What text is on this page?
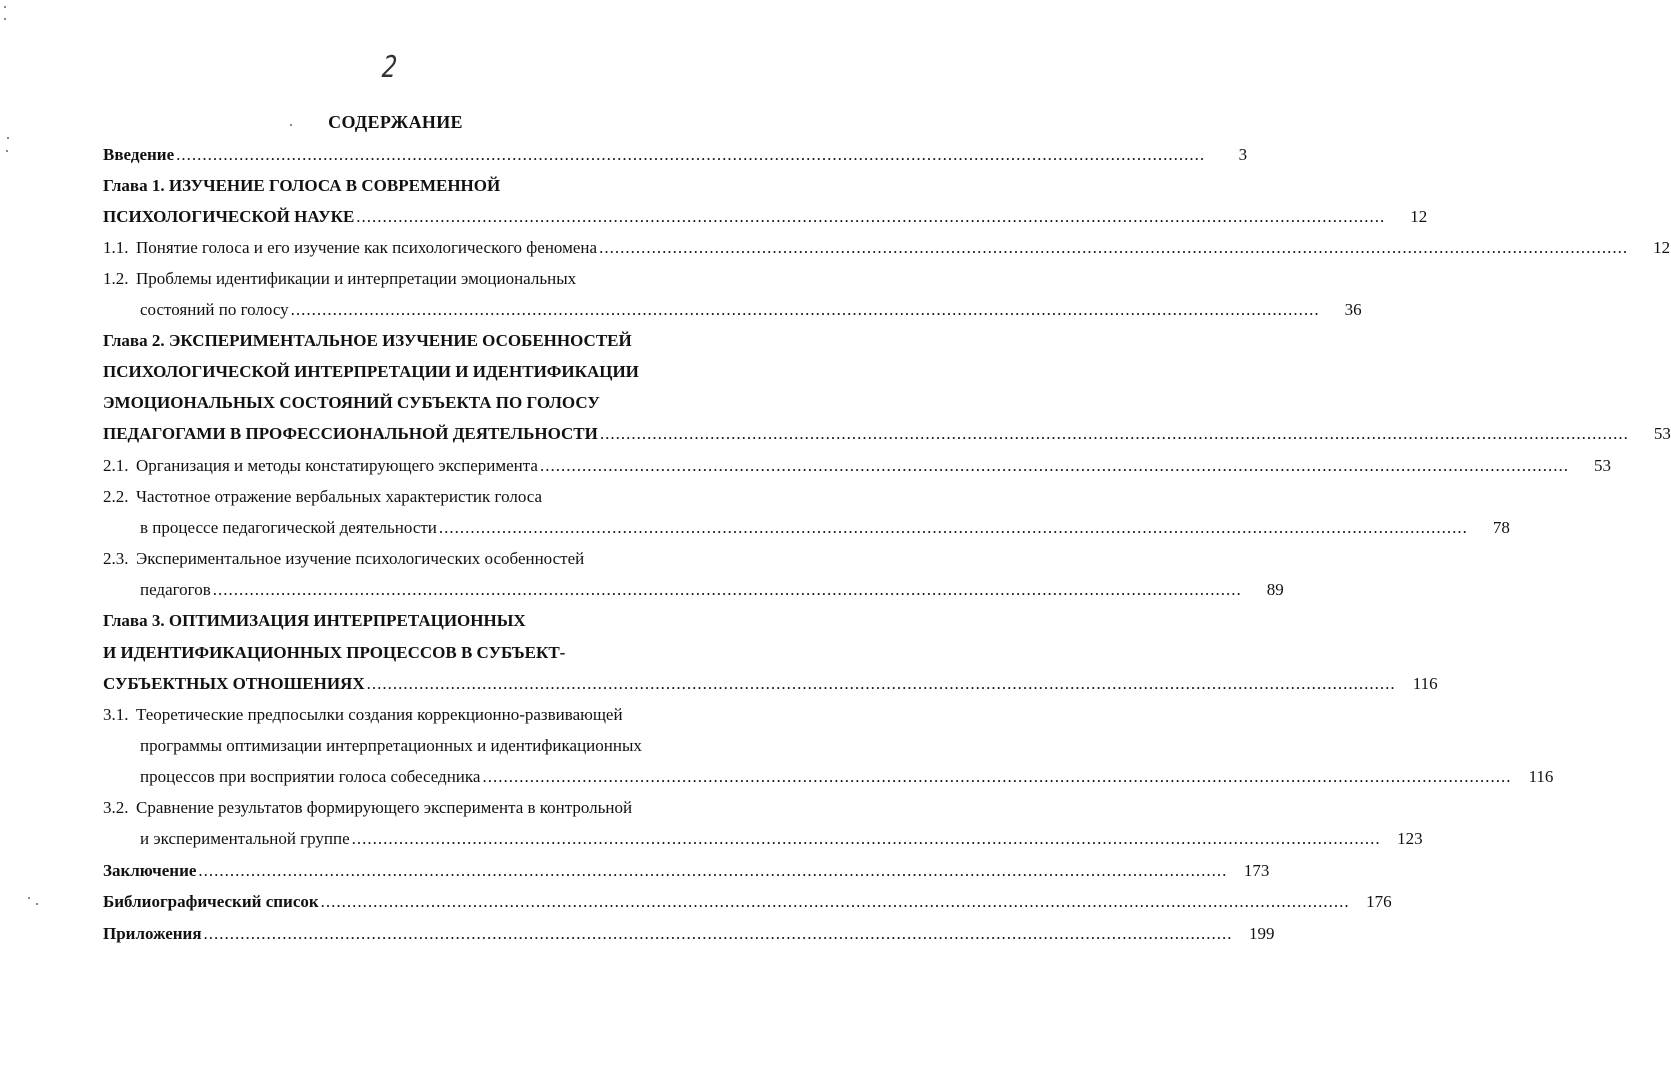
2
СОДЕРЖАНИЕ
Введение ....................................................................................................................................................................................................	3
Глава 1. ИЗУЧЕНИЕ ГОЛОСА В СОВРЕМЕННОЙ
ПСИХОЛОГИЧЕСКОЙ НАУКЕ ....................................................................................................................................................................................................	12
1.1. Понятие голоса и его изучение как психологического феномена ....................................................................................................................................................................................................	12
1.2. Проблемы идентификации и интерпретации эмоциональных
состояний по голосу ....................................................................................................................................................................................................	36
Глава 2. ЭКСПЕРИМЕНТАЛЬНОЕ ИЗУЧЕНИЕ ОСОБЕННОСТЕЙ
ПСИХОЛОГИЧЕСКОЙ ИНТЕРПРЕТАЦИИ И ИДЕНТИФИКАЦИИ
ЭМОЦИОНАЛЬНЫХ СОСТОЯНИЙ СУБЪЕКТА ПО ГОЛОСУ
ПЕДАГОГАМИ В ПРОФЕССИОНАЛЬНОЙ ДЕЯТЕЛЬНОСТИ ....................................................................................................................................................................................................	53
2.1. Организация и методы констатирующего эксперимента ....................................................................................................................................................................................................	53
2.2. Частотное отражение вербальных характеристик голоса
в процессе педагогической деятельности ....................................................................................................................................................................................................	78
2.3. Экспериментальное изучение психологических особенностей
педагогов ....................................................................................................................................................................................................	89
Глава 3. ОПТИМИЗАЦИЯ ИНТЕРПРЕТАЦИОННЫХ
И ИДЕНТИФИКАЦИОННЫХ ПРОЦЕССОВ В СУБЪЕКТ-
СУБЪЕКТНЫХ ОТНОШЕНИЯХ ....................................................................................................................................................................................................	116
3.1. Теоретические предпосылки создания коррекционно-развивающей
программы оптимизации интерпретационных и идентификационных
процессов при восприятии голоса собеседника ....................................................................................................................................................................................................	116
3.2. Сравнение результатов формирующего эксперимента в контрольной
и экспериментальной группе .................................................................................................................................................................................................... 123
Заключение .................................................................................................................................................................................................... 173
Библиографический список .................................................................................................................................................................................................... 176
Приложения .................................................................................................................................................................................................... 199
